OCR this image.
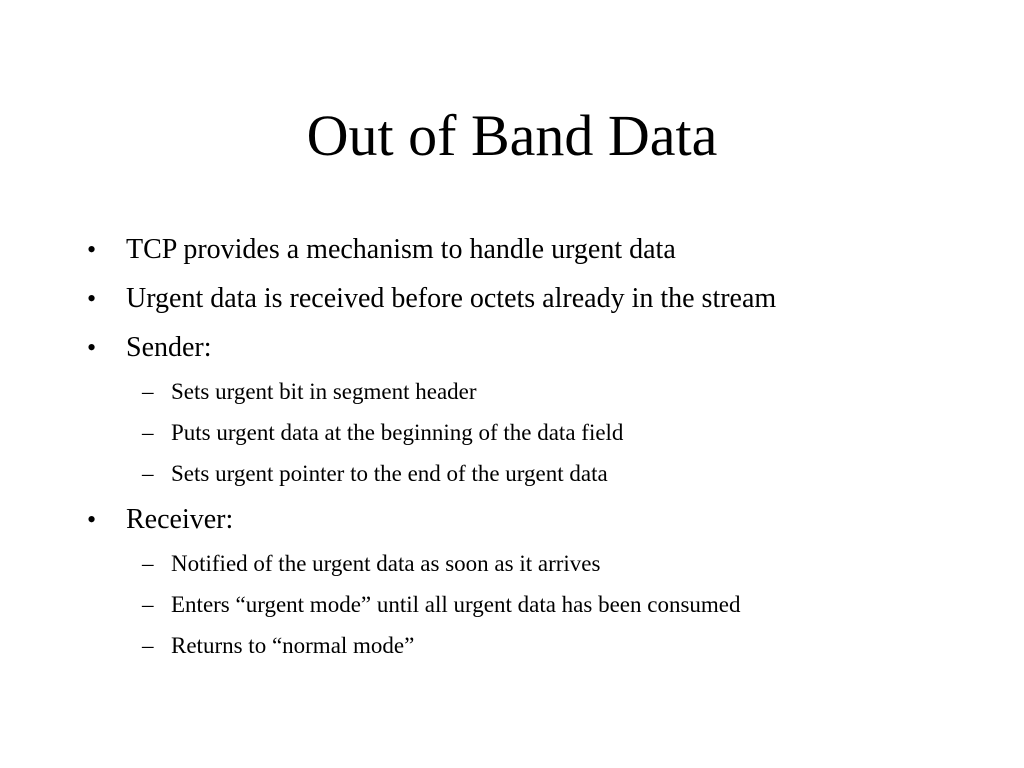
Out of Band Data
• TCP provides a mechanism to handle urgent data
• Urgent data is received before octets already in the stream
• Sender:
– Sets urgent bit in segment header
– Puts urgent data at the beginning of the data field
– Sets urgent pointer to the end of the urgent data
• Receiver:
– Notified of the urgent data as soon as it arrives
– Enters “urgent mode” until all urgent data has been consumed
– Returns to “normal mode”
